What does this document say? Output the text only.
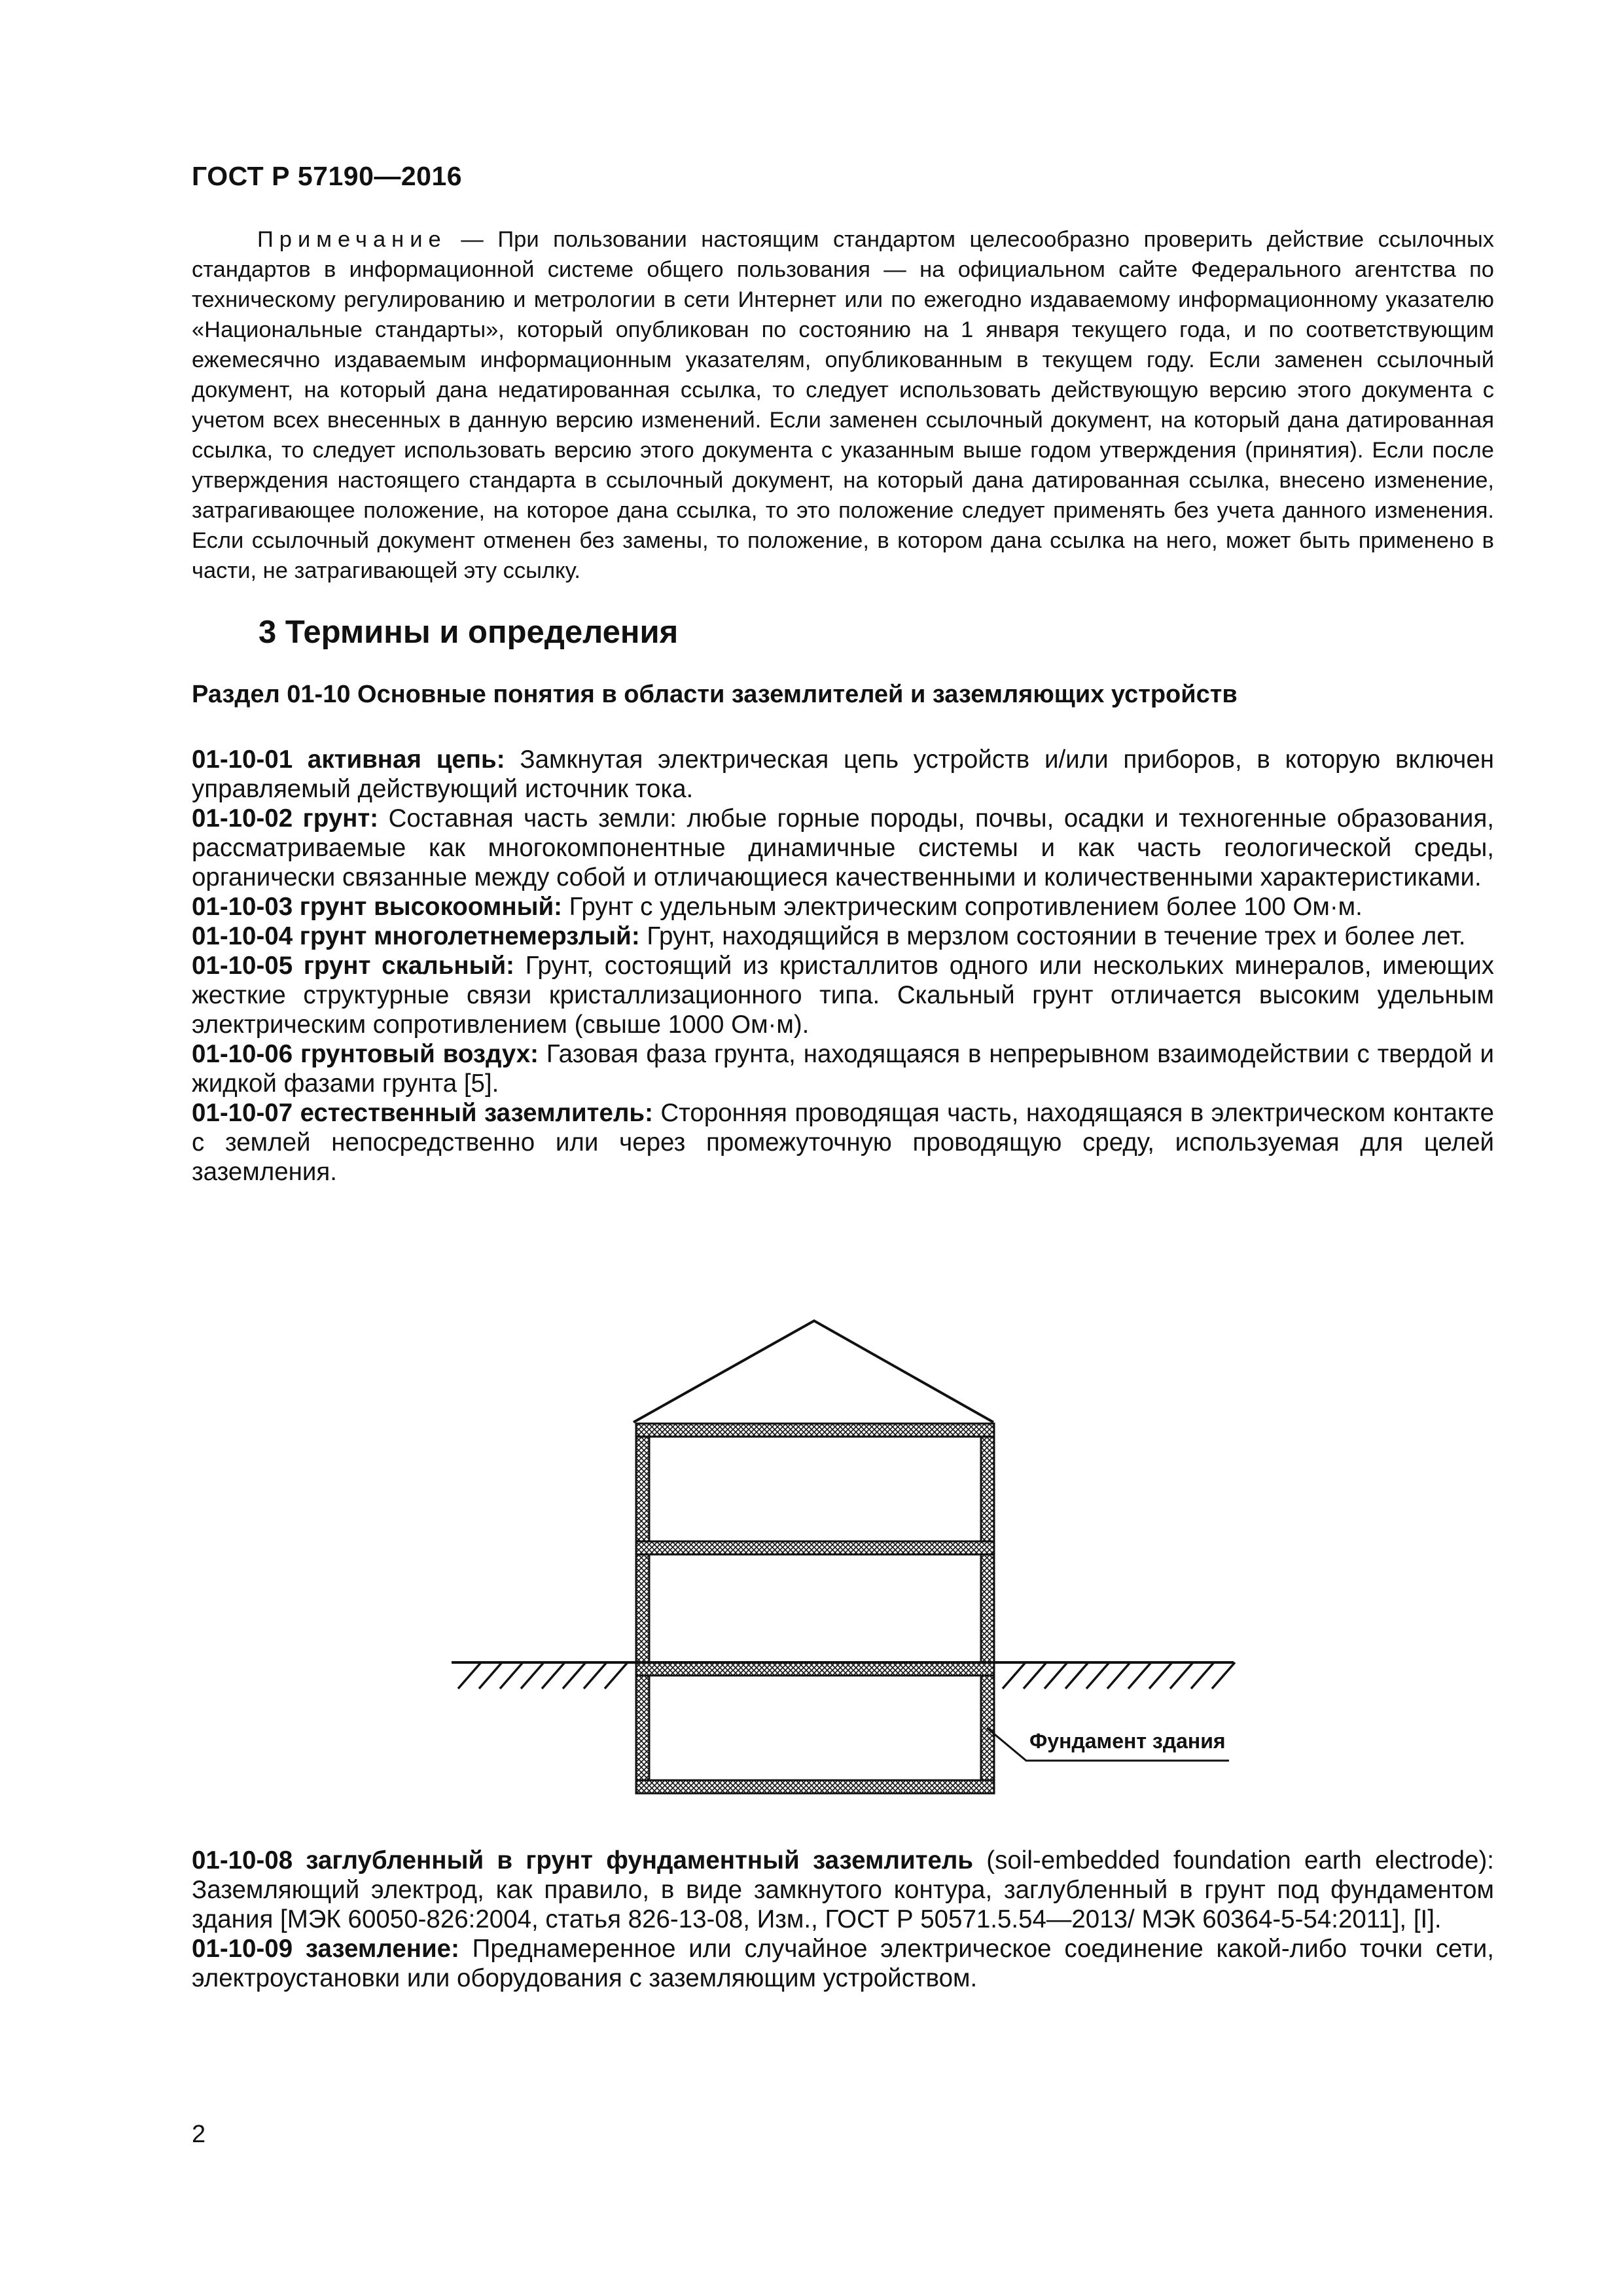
ГОСТ Р 57190—2016

Примечание — При пользовании настоящим стандартом целесообразно проверить действие ссылочных стандартов в информационной системе общего пользования — на официальном сайте Федерального агентства по техническому регулированию и метрологии в сети Интернет или по ежегодно издаваемому информационному указателю «Национальные стандарты», который опубликован по состоянию на 1 января текущего года, и по соответствующим ежемесячно издаваемым информационным указателям, опубликованным в текущем году. Если заменен ссылочный документ, на который дана недатированная ссылка, то следует использовать действующую версию этого документа с учетом всех внесенных в данную версию изменений. Если заменен ссылочный документ, на который дана датированная ссылка, то следует использовать версию этого документа с указанным выше годом утверждения (принятия). Если после утверждения настоящего стандарта в ссылочный документ, на который дана датированная ссылка, внесено изменение, затрагивающее положение, на которое дана ссылка, то это положение следует применять без учета данного изменения. Если ссылочный документ отменен без замены, то положение, в котором дана ссылка на него, может быть применено в части, не затрагивающей эту ссылку.

3 Термины и определения
Раздел 01-10 Основные понятия в области заземлителей и заземляющих устройств

01-10-01 активная цепь: Замкнутая электрическая цепь устройств и/или приборов, в которую включен управляемый действующий источник тока.

01-10-02 грунт: Составная часть земли: любые горные породы, почвы, осадки и техногенные образования, рассматриваемые как многокомпонентные динамичные системы и как часть геологической среды, органически связанные между собой и отличающиеся качественными и количественными характеристиками.

01-10-03 грунт высокоомный: Грунт с удельным электрическим сопротивлением более 100 Ом·м.

01-10-04 грунт многолетнемерзлый: Грунт, находящийся в мерзлом состоянии в течение трех и более лет.

01-10-05 грунт скальный: Грунт, состоящий из кристаллитов одного или нескольких минералов, имеющих жесткие структурные связи кристаллизационного типа. Скальный грунт отличается высоким удельным электрическим сопротивлением (свыше 1000 Ом·м).

01-10-06 грунтовый воздух: Газовая фаза грунта, находящаяся в непрерывном взаимодействии с твердой и жидкой фазами грунта [5].

01-10-07 естественный заземлитель: Сторонняя проводящая часть, находящаяся в электрическом контакте с землей непосредственно или через промежуточную проводящую среду, используемая для целей заземления.

Фундамент здания

01-10-08 заглубленный в грунт фундаментный заземлитель (soil-embedded foundation earth electrode): Заземляющий электрод, как правило, в виде замкнутого контура, заглубленный в грунт под фундаментом здания [МЭК 60050-826:2004, статья 826-13-08, Изм., ГОСТ Р 50571.5.54—2013/ МЭК 60364-5-54:2011], [I].

01-10-09 заземление: Преднамеренное или случайное электрическое соединение какой-либо точки сети, электроустановки или оборудования с заземляющим устройством.

2
